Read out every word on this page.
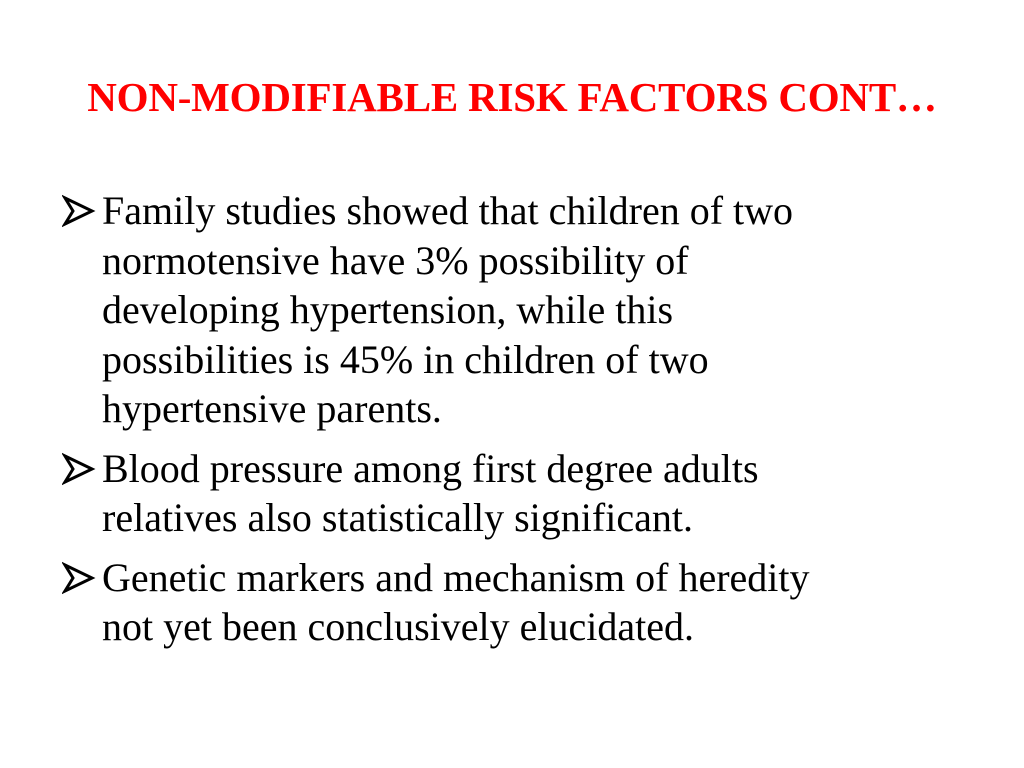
NON-MODIFIABLE RISK FACTORS CONT…
Family studies showed that children of two
normotensive have 3% possibility of
developing hypertension, while this
possibilities is 45% in children of two
hypertensive parents.
Blood pressure among first degree adults
relatives also statistically significant.
Genetic markers and mechanism of heredity
not yet been conclusively elucidated.
